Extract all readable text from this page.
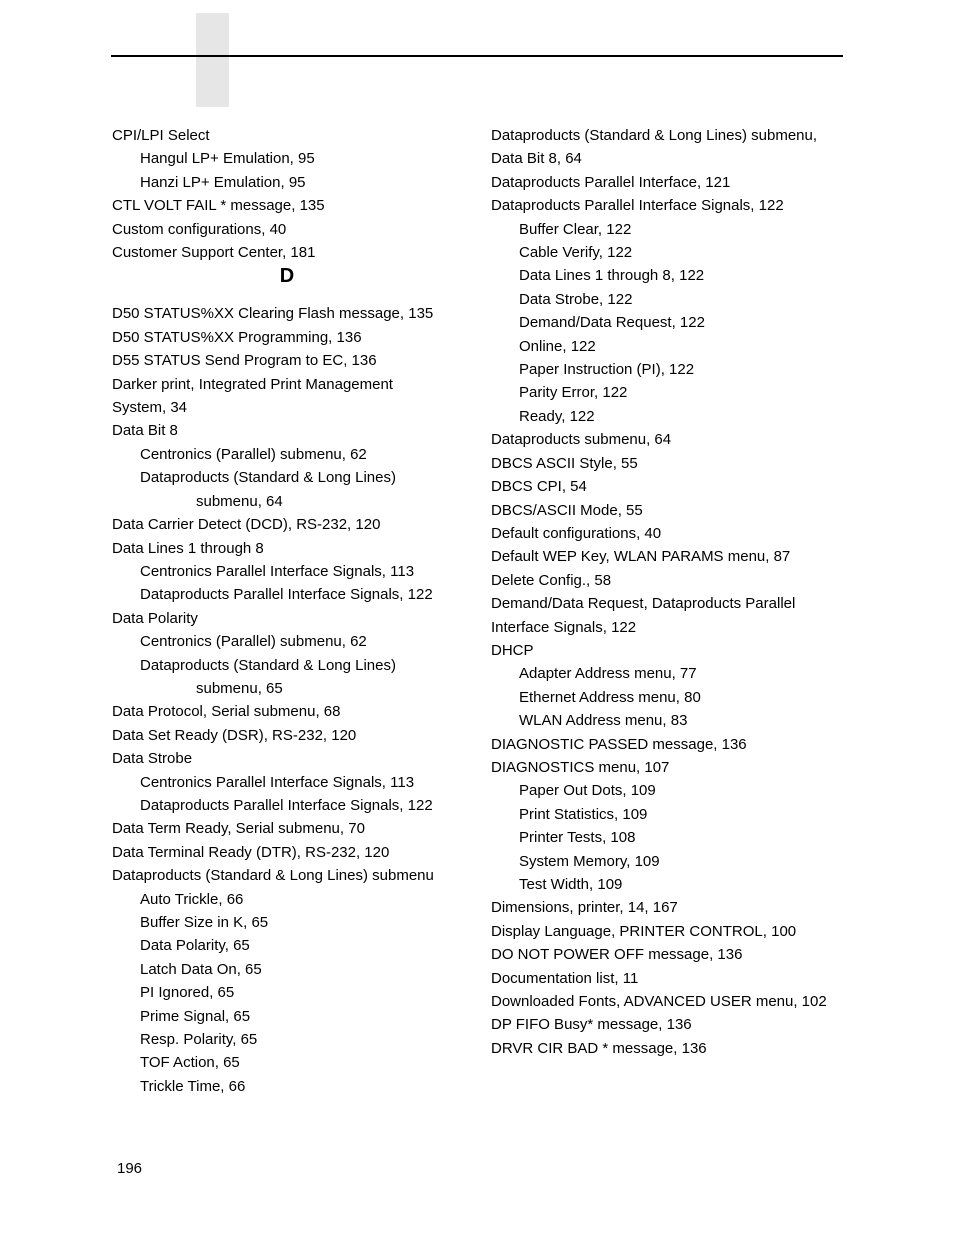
CPI/LPI Select
Hangul LP+ Emulation, 95
Hanzi LP+ Emulation, 95
CTL VOLT FAIL * message, 135
Custom configurations, 40
Customer Support Center, 181
D
D50 STATUS%XX Clearing Flash message, 135
D50 STATUS%XX Programming, 136
D55 STATUS Send Program to EC, 136
Darker print, Integrated Print Management
System, 34
Data Bit 8
Centronics (Parallel) submenu, 62
Dataproducts (Standard & Long Lines)
submenu, 64
Data Carrier Detect (DCD), RS-232, 120
Data Lines 1 through 8
Centronics Parallel Interface Signals, 113
Dataproducts Parallel Interface Signals, 122
Data Polarity
Centronics (Parallel) submenu, 62
Dataproducts (Standard & Long Lines)
submenu, 65
Data Protocol, Serial submenu, 68
Data Set Ready (DSR), RS-232, 120
Data Strobe
Centronics Parallel Interface Signals, 113
Dataproducts Parallel Interface Signals, 122
Data Term Ready, Serial submenu, 70
Data Terminal Ready (DTR), RS-232, 120
Dataproducts (Standard & Long Lines) submenu
Auto Trickle, 66
Buffer Size in K, 65
Data Polarity, 65
Latch Data On, 65
PI Ignored, 65
Prime Signal, 65
Resp. Polarity, 65
TOF Action, 65
Trickle Time, 66
Dataproducts (Standard & Long Lines) submenu,
Data Bit 8, 64
Dataproducts Parallel Interface, 121
Dataproducts Parallel Interface Signals, 122
Buffer Clear, 122
Cable Verify, 122
Data Lines 1 through 8, 122
Data Strobe, 122
Demand/Data Request, 122
Online, 122
Paper Instruction (PI), 122
Parity Error, 122
Ready, 122
Dataproducts submenu, 64
DBCS ASCII Style, 55
DBCS CPI, 54
DBCS/ASCII Mode, 55
Default configurations, 40
Default WEP Key, WLAN PARAMS menu, 87
Delete Config., 58
Demand/Data Request, Dataproducts Parallel
Interface Signals, 122
DHCP
Adapter Address menu, 77
Ethernet Address menu, 80
WLAN Address menu, 83
DIAGNOSTIC PASSED message, 136
DIAGNOSTICS menu, 107
Paper Out Dots, 109
Print Statistics, 109
Printer Tests, 108
System Memory, 109
Test Width, 109
Dimensions, printer, 14, 167
Display Language, PRINTER CONTROL, 100
DO NOT POWER OFF message, 136
Documentation list, 11
Downloaded Fonts, ADVANCED USER menu, 102
DP FIFO Busy* message, 136
DRVR CIR BAD * message, 136
196
